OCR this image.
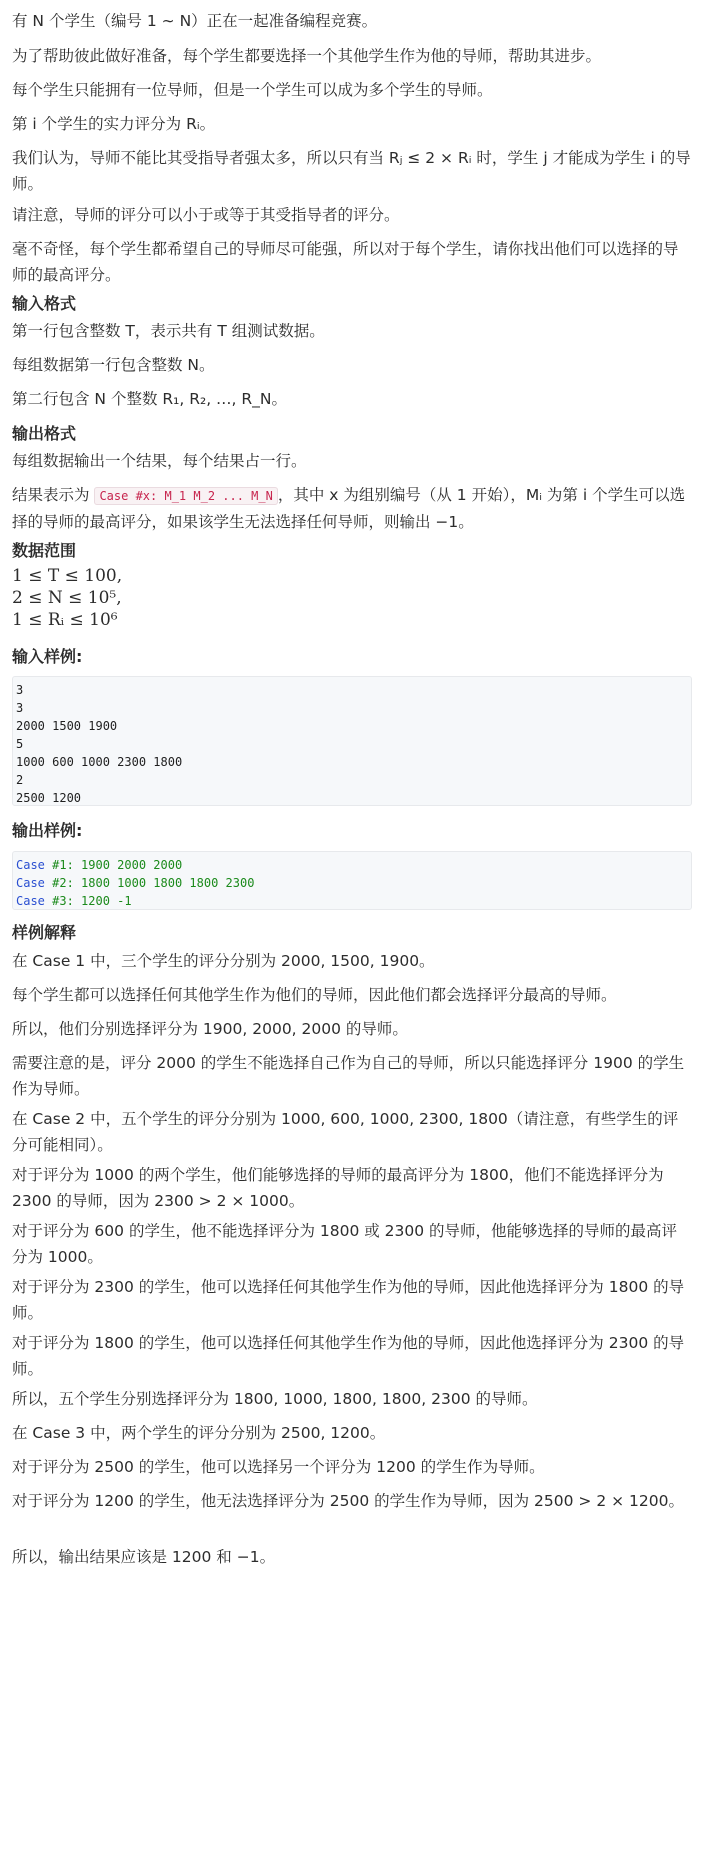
有 N 个学生（编号 1 ∼ N）正在一起准备编程竞赛。

为了帮助彼此做好准备，每个学生都要选择一个其他学生作为他的导师，帮助其进步。

每个学生只能拥有一位导师，但是一个学生可以成为多个学生的导师。

第 i 个学生的实力评分为 Rᵢ。

我们认为，导师不能比其受指导者强太多，所以只有当 Rⱼ ≤ 2 × Rᵢ 时，学生 j 才能成为学生 i 的导师。

请注意，导师的评分可以小于或等于其受指导者的评分。

毫不奇怪，每个学生都希望自己的导师尽可能强，所以对于每个学生，请你找出他们可以选择的导师的最高评分。

输入格式

第一行包含整数 T，表示共有 T 组测试数据。

每组数据第一行包含整数 N。

第二行包含 N 个整数 R₁, R₂, …, R_N。

输出格式

每组数据输出一个结果，每个结果占一行。

结果表示为 Case #x: M_1 M_2 ... M_N ，其中 x 为组别编号（从 1 开始），Mᵢ 为第 i 个学生可以选择的导师的最高评分，如果该学生无法选择任何导师，则输出 −1。

数据范围
1 ≤ T ≤ 100,
2 ≤ N ≤ 10⁵,
1 ≤ Rᵢ ≤ 10⁶
输入样例:
3
3
2000 1500 1900
5
1000 600 1000 2300 1800
2
2500 1200
输出样例:
Case #1: 1900 2000 2000
Case #2: 1800 1000 1800 1800 2300
Case #3: 1200 -1
样例解释

在 Case 1 中，三个学生的评分分别为 2000, 1500, 1900。

每个学生都可以选择任何其他学生作为他们的导师，因此他们都会选择评分最高的导师。

所以，他们分别选择评分为 1900, 2000, 2000 的导师。

需要注意的是，评分 2000 的学生不能选择自己作为自己的导师，所以只能选择评分 1900 的学生作为导师。

在 Case 2 中，五个学生的评分分别为 1000, 600, 1000, 2300, 1800（请注意，有些学生的评分可能相同）。

对于评分为 1000 的两个学生，他们能够选择的导师的最高评分为 1800，他们不能选择评分为 2300 的导师，因为 2300 > 2 × 1000。

对于评分为 600 的学生，他不能选择评分为 1800 或 2300 的导师，他能够选择的导师的最高评分为 1000。

对于评分为 2300 的学生，他可以选择任何其他学生作为他的导师，因此他选择评分为 1800 的导师。

对于评分为 1800 的学生，他可以选择任何其他学生作为他的导师，因此他选择评分为 2300 的导师。

所以，五个学生分别选择评分为 1800, 1000, 1800, 1800, 2300 的导师。

在 Case 3 中，两个学生的评分分别为 2500, 1200。

对于评分为 2500 的学生，他可以选择另一个评分为 1200 的学生作为导师。

对于评分为 1200 的学生，他无法选择评分为 2500 的学生作为导师，因为 2500 > 2 × 1200。

所以，输出结果应该是 1200 和 −1。
